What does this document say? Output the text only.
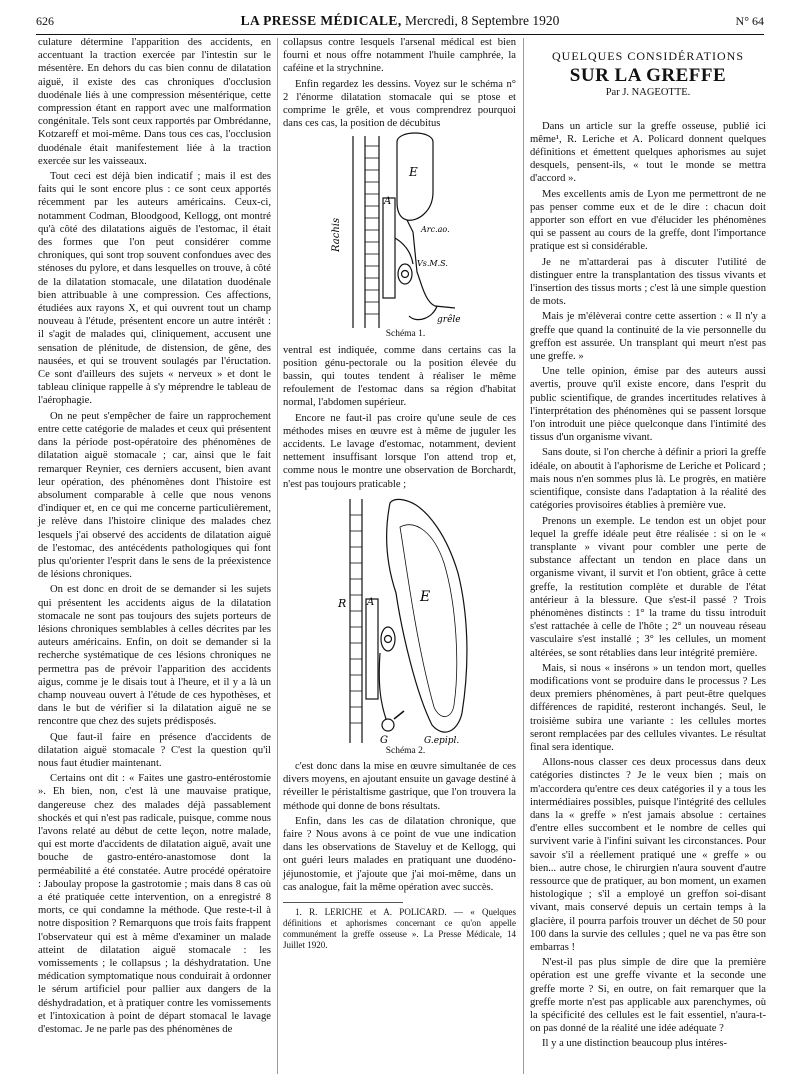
626	LA PRESSE MÉDICALE, Mercredi, 8 Septembre 1920	N° 64

culature détermine l'apparition des accidents, en accentuant la traction exercée par l'intestin sur le mésentère. En dehors du cas bien connu de dilatation aiguë, il existe des cas chroniques d'occlusion duodénale liés à une compression mésentérique, cette compression étant en rapport avec une malformation congénitale. Tels sont ceux rapportés par Ombrédanne, Kotzareff et moi-même. Dans tous ces cas, l'occlusion duodénale était manifestement liée à la traction exercée sur les vaisseaux.

Tout ceci est déjà bien indicatif ; mais il est des faits qui le sont encore plus : ce sont ceux apportés récemment par les auteurs américains. Ceux-ci, notamment Codman, Bloodgood, Kellogg, ont montré qu'à côté des dilatations aiguës de l'estomac, il était des formes que l'on peut considérer comme chroniques, qui sont trop souvent confondues avec des sténoses du pylore, et dans lesquelles on trouve, à côté de la dilatation stomacale, une dilatation duodénale bien attribuable à une compression. Ces affections, étudiées aux rayons X, et qui ouvrent tout un champ nouveau à l'étude, présentent encore un autre intérêt : il s'agit de malades qui, cliniquement, accusent une sensation de plénitude, de distension, de gêne, des nausées, et qui se trouvent soulagés par l'éructation. Ce sont d'ailleurs des sujets « nerveux » et dont le tableau clinique rappelle à s'y méprendre le tableau de l'aérophagie.

On ne peut s'empêcher de faire un rapprochement entre cette catégorie de malades et ceux qui présentent dans la période post-opératoire des phénomènes de dilatation aiguë stomacale ; car, ainsi que le fait remarquer Reynier, ces derniers accusent, bien avant leur opération, des phénomènes dont l'histoire est absolument comparable à celle que nous venons d'indiquer et, en ce qui me concerne particulièrement, je relève dans l'histoire clinique des malades chez lesquels j'ai observé des accidents de dilatation aiguë de l'estomac, des antécédents pathologiques qui font plus qu'orienter l'esprit dans le sens de la préexistence de lésions chroniques.

On est donc en droit de se demander si les sujets qui présentent les accidents aigus de la dilatation stomacale ne sont pas toujours des sujets porteurs de lésions chroniques semblables à celles décrites par les auteurs américains. Enfin, on doit se demander si la recherche systématique de ces lésions chroniques ne permettra pas de prévoir l'apparition des accidents aigus, comme je le disais tout à l'heure, et il y a là un champ nouveau ouvert à l'étude de ces hypothèses, et dans le but de vérifier si la dilatation aiguë ne se rencontre que chez des sujets prédisposés.

Que faut-il faire en présence d'accidents de dilatation aiguë stomacale ? C'est la question qu'il nous faut étudier maintenant.

Certains ont dit : « Faites une gastro-entérostomie ». Eh bien, non, c'est là une mauvaise pratique, dangereuse chez des malades déjà passablement shockés et qui n'est pas radicale, puisque, comme nous l'avons relaté au début de cette leçon, notre malade, qui est morte d'accidents de dilatation aiguë, avait une bouche de gastro-entéro-anastomose dont la perméabilité a été constatée. Autre procédé opératoire : Jaboulay propose la gastrotomie ; mais dans 8 cas où a été pratiquée cette intervention, on a enregistré 8 morts, ce qui condamne la méthode. Que reste-t-il à notre disposition ? Remarquons que trois faits frappent l'observateur qui est à même d'examiner un malade atteint de dilatation aiguë stomacale : les vomissements ; le collapsus ; la déshydratation. Une médication symptomatique nous conduirait à ordonner le sérum artificiel pour pallier aux dangers de la déshydradation, et à pratiquer contre les vomissements et l'intoxication à point de départ stomacal le lavage d'estomac. Je ne parle pas des phénomènes de

collapsus contre lesquels l'arsenal médical est bien fourni et nous offre notamment l'huile camphrée, la caféine et la strychnine.

Enfin regardez les dessins. Voyez sur le schéma n° 2 l'énorme dilatation stomacale qui se ptose et comprime le grêle, et vous comprendrez pourquoi dans ces cas, la position de décubitus

Rachis
A
E
Arc.ao.
Vs.M.S.
grêle

Schéma 1.

ventral est indiquée, comme dans certains cas la position génu-pectorale ou la position élevée du bassin, qui toutes tendent à réaliser le même refoulement de l'estomac dans sa région d'habitat normal, l'abdomen supérieur.

Encore ne faut-il pas croire qu'une seule de ces méthodes mises en œuvre est à même de juguler les accidents. Le lavage d'estomac, notamment, devient nettement insuffisant lorsque l'on attend trop et, comme nous le montre une observation de Borchardt, n'est pas toujours praticable ;

R A	E
G	G.epipl.

Schéma 2.

c'est donc dans la mise en œuvre simultanée de ces divers moyens, en ajoutant ensuite un gavage destiné à réveiller le péristaltisme gastrique, que l'on trouvera la méthode qui donne de bons résultats.

Enfin, dans les cas de dilatation chronique, que faire ? Nous avons à ce point de vue une indication dans les observations de Staveluy et de Kellogg, qui ont guéri leurs malades en pratiquant une duodéno-jéjunostomie, et j'ajoute que j'ai moi-même, dans un cas analogue, fait la même opération avec succès.

1. R. LERICHE et A. POLICARD. — « Quelques définitions et aphorismes concernant ce qu'on appelle communément la greffe osseuse ». La Presse Médicale, 14 Juillet 1920.

QUELQUES CONSIDÉRATIONS
SUR LA GREFFE
Par J. NAGEOTTE.

Dans un article sur la greffe osseuse, publié ici même¹, R. Leriche et A. Policard donnent quelques définitions et émettent quelques aphorismes au sujet desquels, pensent-ils, « tout le monde se mettra d'accord ».

Mes excellents amis de Lyon me permettront de ne pas penser comme eux et de le dire : chacun doit apporter son effort en vue d'élucider les phénomènes qui se passent au cours de la greffe, dont l'importance pratique est si considérable.

Je ne m'attarderai pas à discuter l'utilité de distinguer entre la transplantation des tissus vivants et l'insertion des tissus morts ; c'est là une simple question de mots.

Mais je m'élèverai contre cette assertion : « Il n'y a greffe que quand la continuité de la vie personnelle du greffon est assurée. Un transplant qui meurt n'est pas une greffe. »

Une telle opinion, émise par des auteurs aussi avertis, prouve qu'il existe encore, dans l'esprit du public scientifique, de grandes incertitudes relatives à l'interprétation des phénomènes qui se passent lorsque l'on introduit une pièce quelconque dans l'intimité des tissus d'un organisme vivant.

Sans doute, si l'on cherche à définir a priori la greffe idéale, on aboutit à l'aphorisme de Leriche et Policard ; mais nous n'en sommes plus là. Le progrès, en matière scientifique, consiste dans l'adaptation à la réalité des catégories provisoires établies à première vue.

Prenons un exemple. Le tendon est un objet pour lequel la greffe idéale peut être réalisée : si on le « transplante » vivant pour combler une perte de substance affectant un tendon en place dans un organisme vivant, il survit et l'on obtient, grâce à cette greffe, la restitution complète et durable de l'état antérieur à la blessure. Que s'est-il passé ? Trois phénomènes distincts : 1° la trame du tissu introduit s'est rattachée à celle de l'hôte ; 2° un nouveau réseau vasculaire s'est installé ; 3° les cellules, un moment altérées, se sont rétablies dans leur intégrité première.

Mais, si nous « insérons » un tendon mort, quelles modifications vont se produire dans le processus ? Les deux premiers phénomènes, à part peut-être quelques différences de rapidité, resteront inchangés. Seul, le troisième subira une variante : les cellules mortes seront remplacées par des cellules vivantes. Le résultat final sera identique.

Allons-nous classer ces deux processus dans deux catégories distinctes ? Je le veux bien ; mais on m'accordera qu'entre ces deux catégories il y a tous les intermédiaires possibles, puisque l'intégrité des cellules dans la « greffe » n'est jamais absolue : certaines d'entre elles succombent et le nombre de celles qui survivent varie à l'infini suivant les circonstances. Pour savoir s'il a réellement pratiqué une « greffe » ou bien... autre chose, le chirurgien n'aura souvent d'autre ressource que de pratiquer, au bon moment, un examen histologique ; s'il a employé un greffon soi-disant vivant, mais conservé depuis un certain temps à la glacière, il pourra parfois trouver un déchet de 50 pour 100 dans la survie des cellules ; quel ne va pas être son embarras !

N'est-il pas plus simple de dire que la première opération est une greffe vivante et la seconde une greffe morte ? Si, en outre, on fait remarquer que la greffe morte n'est pas applicable aux parenchymes, où la spécificité des cellules est le fait essentiel, n'aura-t-on pas donné de la réalité une idée adéquate ?

Il y a une distinction beaucoup plus intéres-
